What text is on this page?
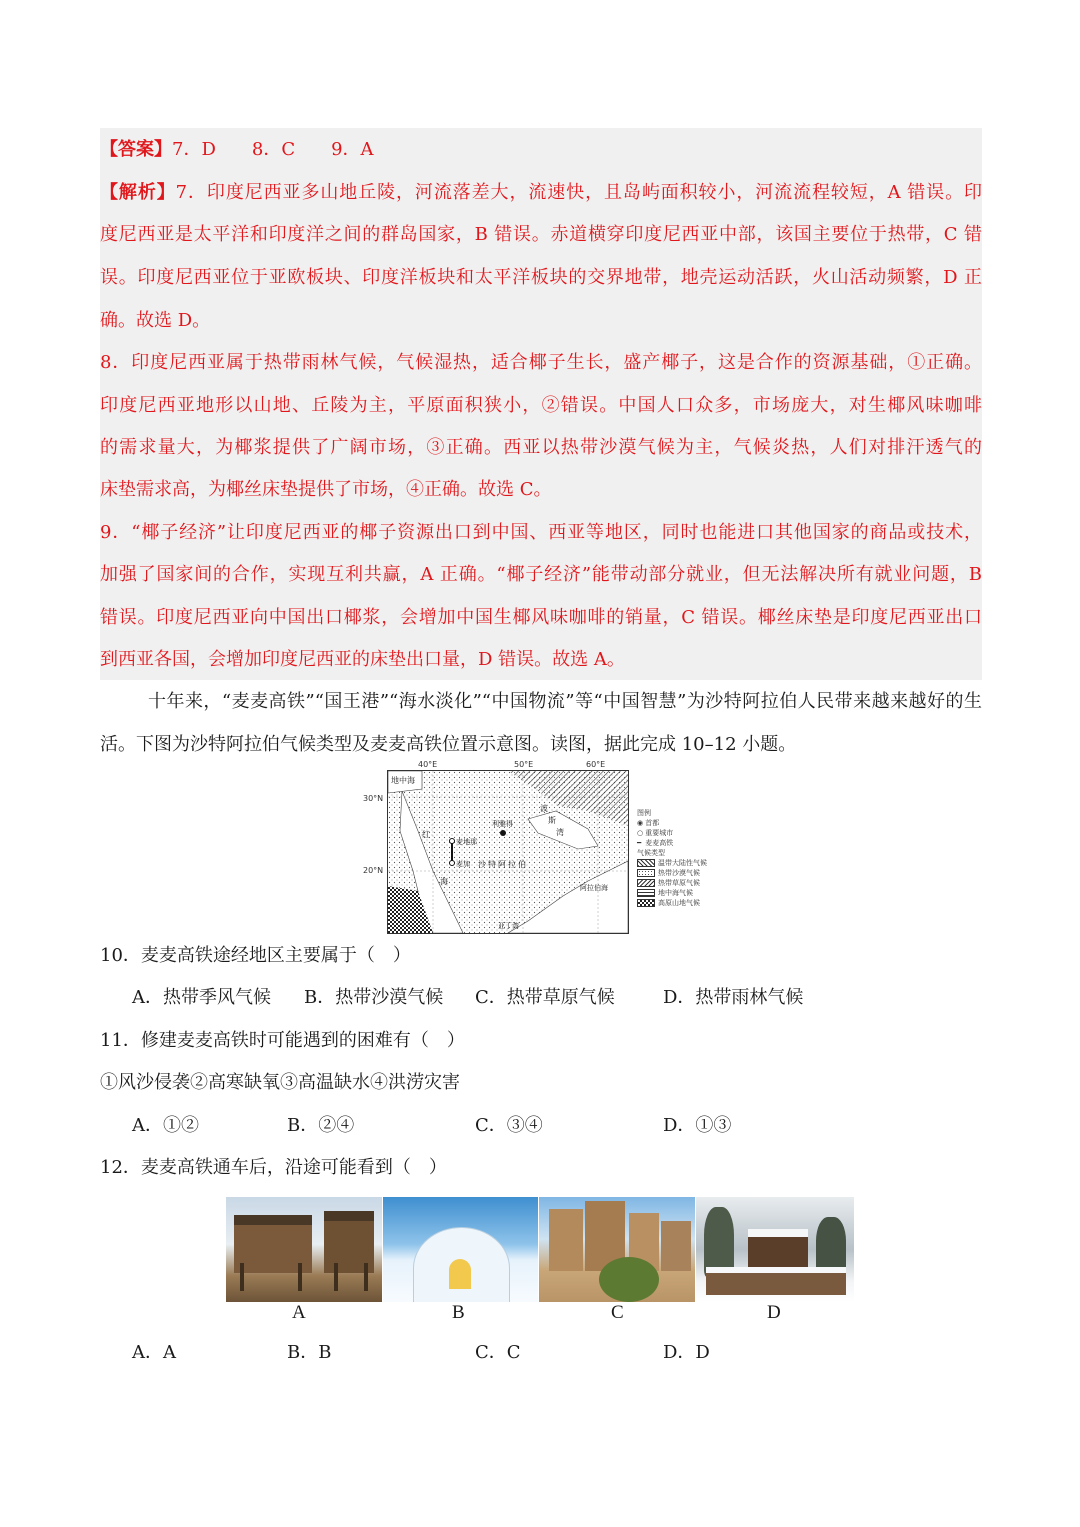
【答案】7．D　　8．C　　9．A
【解析】7．印度尼西亚多山地丘陵，河流落差大，流速快，且岛屿面积较小，河流流程较短，A 错误。印
度尼西亚是太平洋和印度洋之间的群岛国家，B 错误。赤道横穿印度尼西亚中部，该国主要位于热带，C 错
误。印度尼西亚位于亚欧板块、印度洋板块和太平洋板块的交界地带，地壳运动活跃，火山活动频繁，D 正
确。故选 D。
8．印度尼西亚属于热带雨林气候，气候湿热，适合椰子生长，盛产椰子，这是合作的资源基础，①正确。
印度尼西亚地形以山地、丘陵为主，平原面积狭小，②错误。中国人口众多，市场庞大，对生椰风味咖啡
的需求量大，为椰浆提供了广阔市场，③正确。西亚以热带沙漠气候为主，气候炎热，人们对排汗透气的
床垫需求高，为椰丝床垫提供了市场，④正确。故选 C。
9．“椰子经济”让印度尼西亚的椰子资源出口到中国、西亚等地区，同时也能进口其他国家的商品或技术，
加强了国家间的合作，实现互利共赢，A 正确。“椰子经济”能带动部分就业，但无法解决所有就业问题，B
错误。印度尼西亚向中国出口椰浆，会增加中国生椰风味咖啡的销量，C 错误。椰丝床垫是印度尼西亚出口
到西亚各国，会增加印度尼西亚的床垫出口量，D 错误。故选 A。
十年来，“麦麦高铁”“国王港”“海水淡化”“中国物流”等“中国智慧”为沙特阿拉伯人民带来越来越好的生
活。下图为沙特阿拉伯气候类型及麦麦高铁位置示意图。读图，据此完成 10–12 小题。
40°E	50°E	60°E
30°N
20°N
地中海
波
斯
湾
红
海
利雅得
麦地那
麦加 沙特阿拉伯
阿拉伯海
亚丁湾
图例
◉ 首都
○ 重要城市
━ 麦麦高铁
气候类型
温带大陆性气候
热带沙漠气候
热带草原气候
地中海气候
高原山地气候
10．麦麦高铁途经地区主要属于（　）
A．热带季风气候 B．热带沙漠气候 C．热带草原气候	D．热带雨林气候
11．修建麦麦高铁时可能遇到的困难有（　）
①风沙侵袭②高寒缺氧③高温缺水④洪涝灾害
A．①②	B．②④	C．③④	D．①③
12．麦麦高铁通车后，沿途可能看到（　）
A	B	C	D
A．A	B．B	C．C	D．D
